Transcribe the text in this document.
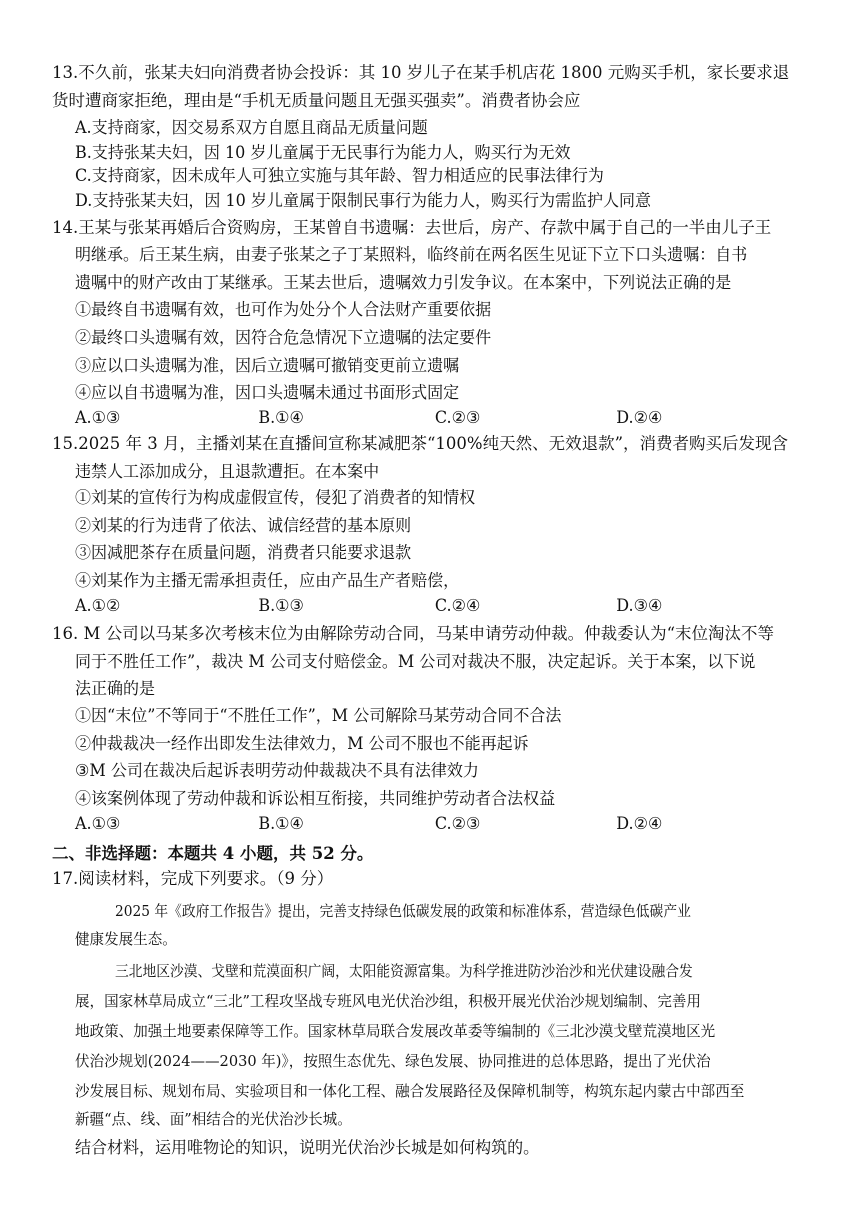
13.不久前，张某夫妇向消费者协会投诉：其 10 岁儿子在某手机店花 1800 元购买手机，家长要求退
货时遭商家拒绝，理由是“手机无质量问题且无强买强卖”。消费者协会应
A.支持商家，因交易系双方自愿且商品无质量问题
B.支持张某夫妇，因 10 岁儿童属于无民事行为能力人，购买行为无效
C.支持商家，因未成年人可独立实施与其年龄、智力相适应的民事法律行为
D.支持张某夫妇，因 10 岁儿童属于限制民事行为能力人，购买行为需监护人同意
14.王某与张某再婚后合资购房，王某曾自书遗嘱：去世后，房产、存款中属于自己的一半由儿子王
明继承。后王某生病，由妻子张某之子丁某照料，临终前在两名医生见证下立下口头遗嘱：自书
遗嘱中的财产改由丁某继承。王某去世后，遗嘱效力引发争议。在本案中，下列说法正确的是
①最终自书遗嘱有效，也可作为处分个人合法财产重要依据
②最终口头遗嘱有效，因符合危急情况下立遗嘱的法定要件
③应以口头遗嘱为准，因后立遗嘱可撤销变更前立遗嘱
④应以自书遗嘱为准，因口头遗嘱未通过书面形式固定
A.①③	B.①④	C.②③	D.②④
15.2025 年 3 月，主播刘某在直播间宣称某减肥茶“100%纯天然、无效退款”，消费者购买后发现含
违禁人工添加成分，且退款遭拒。在本案中
①刘某的宣传行为构成虚假宣传，侵犯了消费者的知情权
②刘某的行为违背了依法、诚信经营的基本原则
③因减肥茶存在质量问题，消费者只能要求退款
④刘某作为主播无需承担责任，应由产品生产者赔偿，
A.①②	B.①③	C.②④	D.③④
16. M 公司以马某多次考核末位为由解除劳动合同，马某申请劳动仲裁。仲裁委认为“末位淘汰不等
同于不胜任工作”，裁决 M 公司支付赔偿金。M 公司对裁决不服，决定起诉。关于本案，以下说
法正确的是
①因“末位”不等同于“不胜任工作”，M 公司解除马某劳动合同不合法
②仲裁裁决一经作出即发生法律效力，M 公司不服也不能再起诉
③M 公司在裁决后起诉表明劳动仲裁裁决不具有法律效力
④该案例体现了劳动仲裁和诉讼相互衔接，共同维护劳动者合法权益
A.①③	B.①④	C.②③	D.②④
二、非选择题：本题共 4 小题，共 52 分。
17.阅读材料，完成下列要求。（9 分）
2025 年《政府工作报告》提出，完善支持绿色低碳发展的政策和标准体系，营造绿色低碳产业
健康发展生态。
三北地区沙漠、戈壁和荒漠面积广阔，太阳能资源富集。为科学推进防沙治沙和光伏建设融合发
展，国家林草局成立“三北”工程攻坚战专班风电光伏治沙组，积极开展光伏治沙规划编制、完善用
地政策、加强土地要素保障等工作。国家林草局联合发展改革委等编制的《三北沙漠戈壁荒漠地区光
伏治沙规划(2024——2030 年)》，按照生态优先、绿色发展、协同推进的总体思路，提出了光伏治
沙发展目标、规划布局、实验项目和一体化工程、融合发展路径及保障机制等，构筑东起内蒙古中部西至
新疆“点、线、面”相结合的光伏治沙长城。
结合材料，运用唯物论的知识，说明光伏治沙长城是如何构筑的。
